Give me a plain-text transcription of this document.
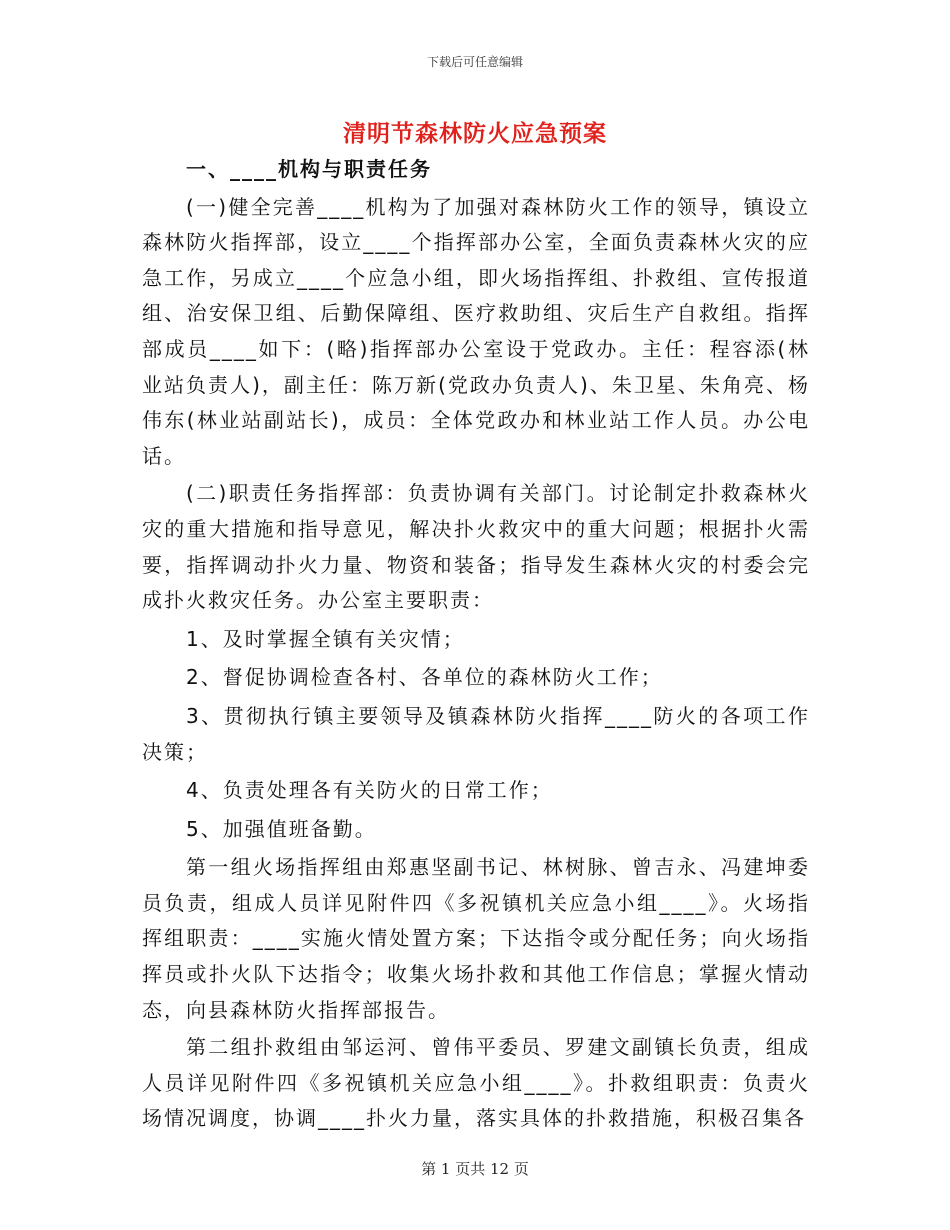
下载后可任意编辑
清明节森林防火应急预案

一、____机构与职责任务

(一)健全完善____机构为了加强对森林防火工作的领导，镇设立森林防火指挥部，设立____个指挥部办公室，全面负责森林火灾的应急工作，另成立____个应急小组，即火场指挥组、扑救组、宣传报道组、治安保卫组、后勤保障组、医疗救助组、灾后生产自救组。指挥部成员____如下：(略)指挥部办公室设于党政办。主任：程容添(林业站负责人)，副主任：陈万新(党政办负责人)、朱卫星、朱角亮、杨伟东(林业站副站长)，成员：全体党政办和林业站工作人员。办公电话。

(二)职责任务指挥部：负责协调有关部门。讨论制定扑救森林火灾的重大措施和指导意见，解决扑火救灾中的重大问题；根据扑火需要，指挥调动扑火力量、物资和装备；指导发生森林火灾的村委会完成扑火救灾任务。办公室主要职责：

1、及时掌握全镇有关灾情；

2、督促协调检查各村、各单位的森林防火工作；

3、贯彻执行镇主要领导及镇森林防火指挥____防火的各项工作决策；

4、负责处理各有关防火的日常工作；

5、加强值班备勤。

第一组火场指挥组由郑惠坚副书记、林树脉、曾吉永、冯建坤委员负责，组成人员详见附件四《多祝镇机关应急小组____》。火场指挥组职责：____实施火情处置方案；下达指令或分配任务；向火场指挥员或扑火队下达指令；收集火场扑救和其他工作信息；掌握火情动态，向县森林防火指挥部报告。

第二组扑救组由邹运河、曾伟平委员、罗建文副镇长负责，组成人员详见附件四《多祝镇机关应急小组____》。扑救组职责：负责火场情况调度，协调____扑火力量，落实具体的扑救措施，积极召集各

第 1 页共 12 页
